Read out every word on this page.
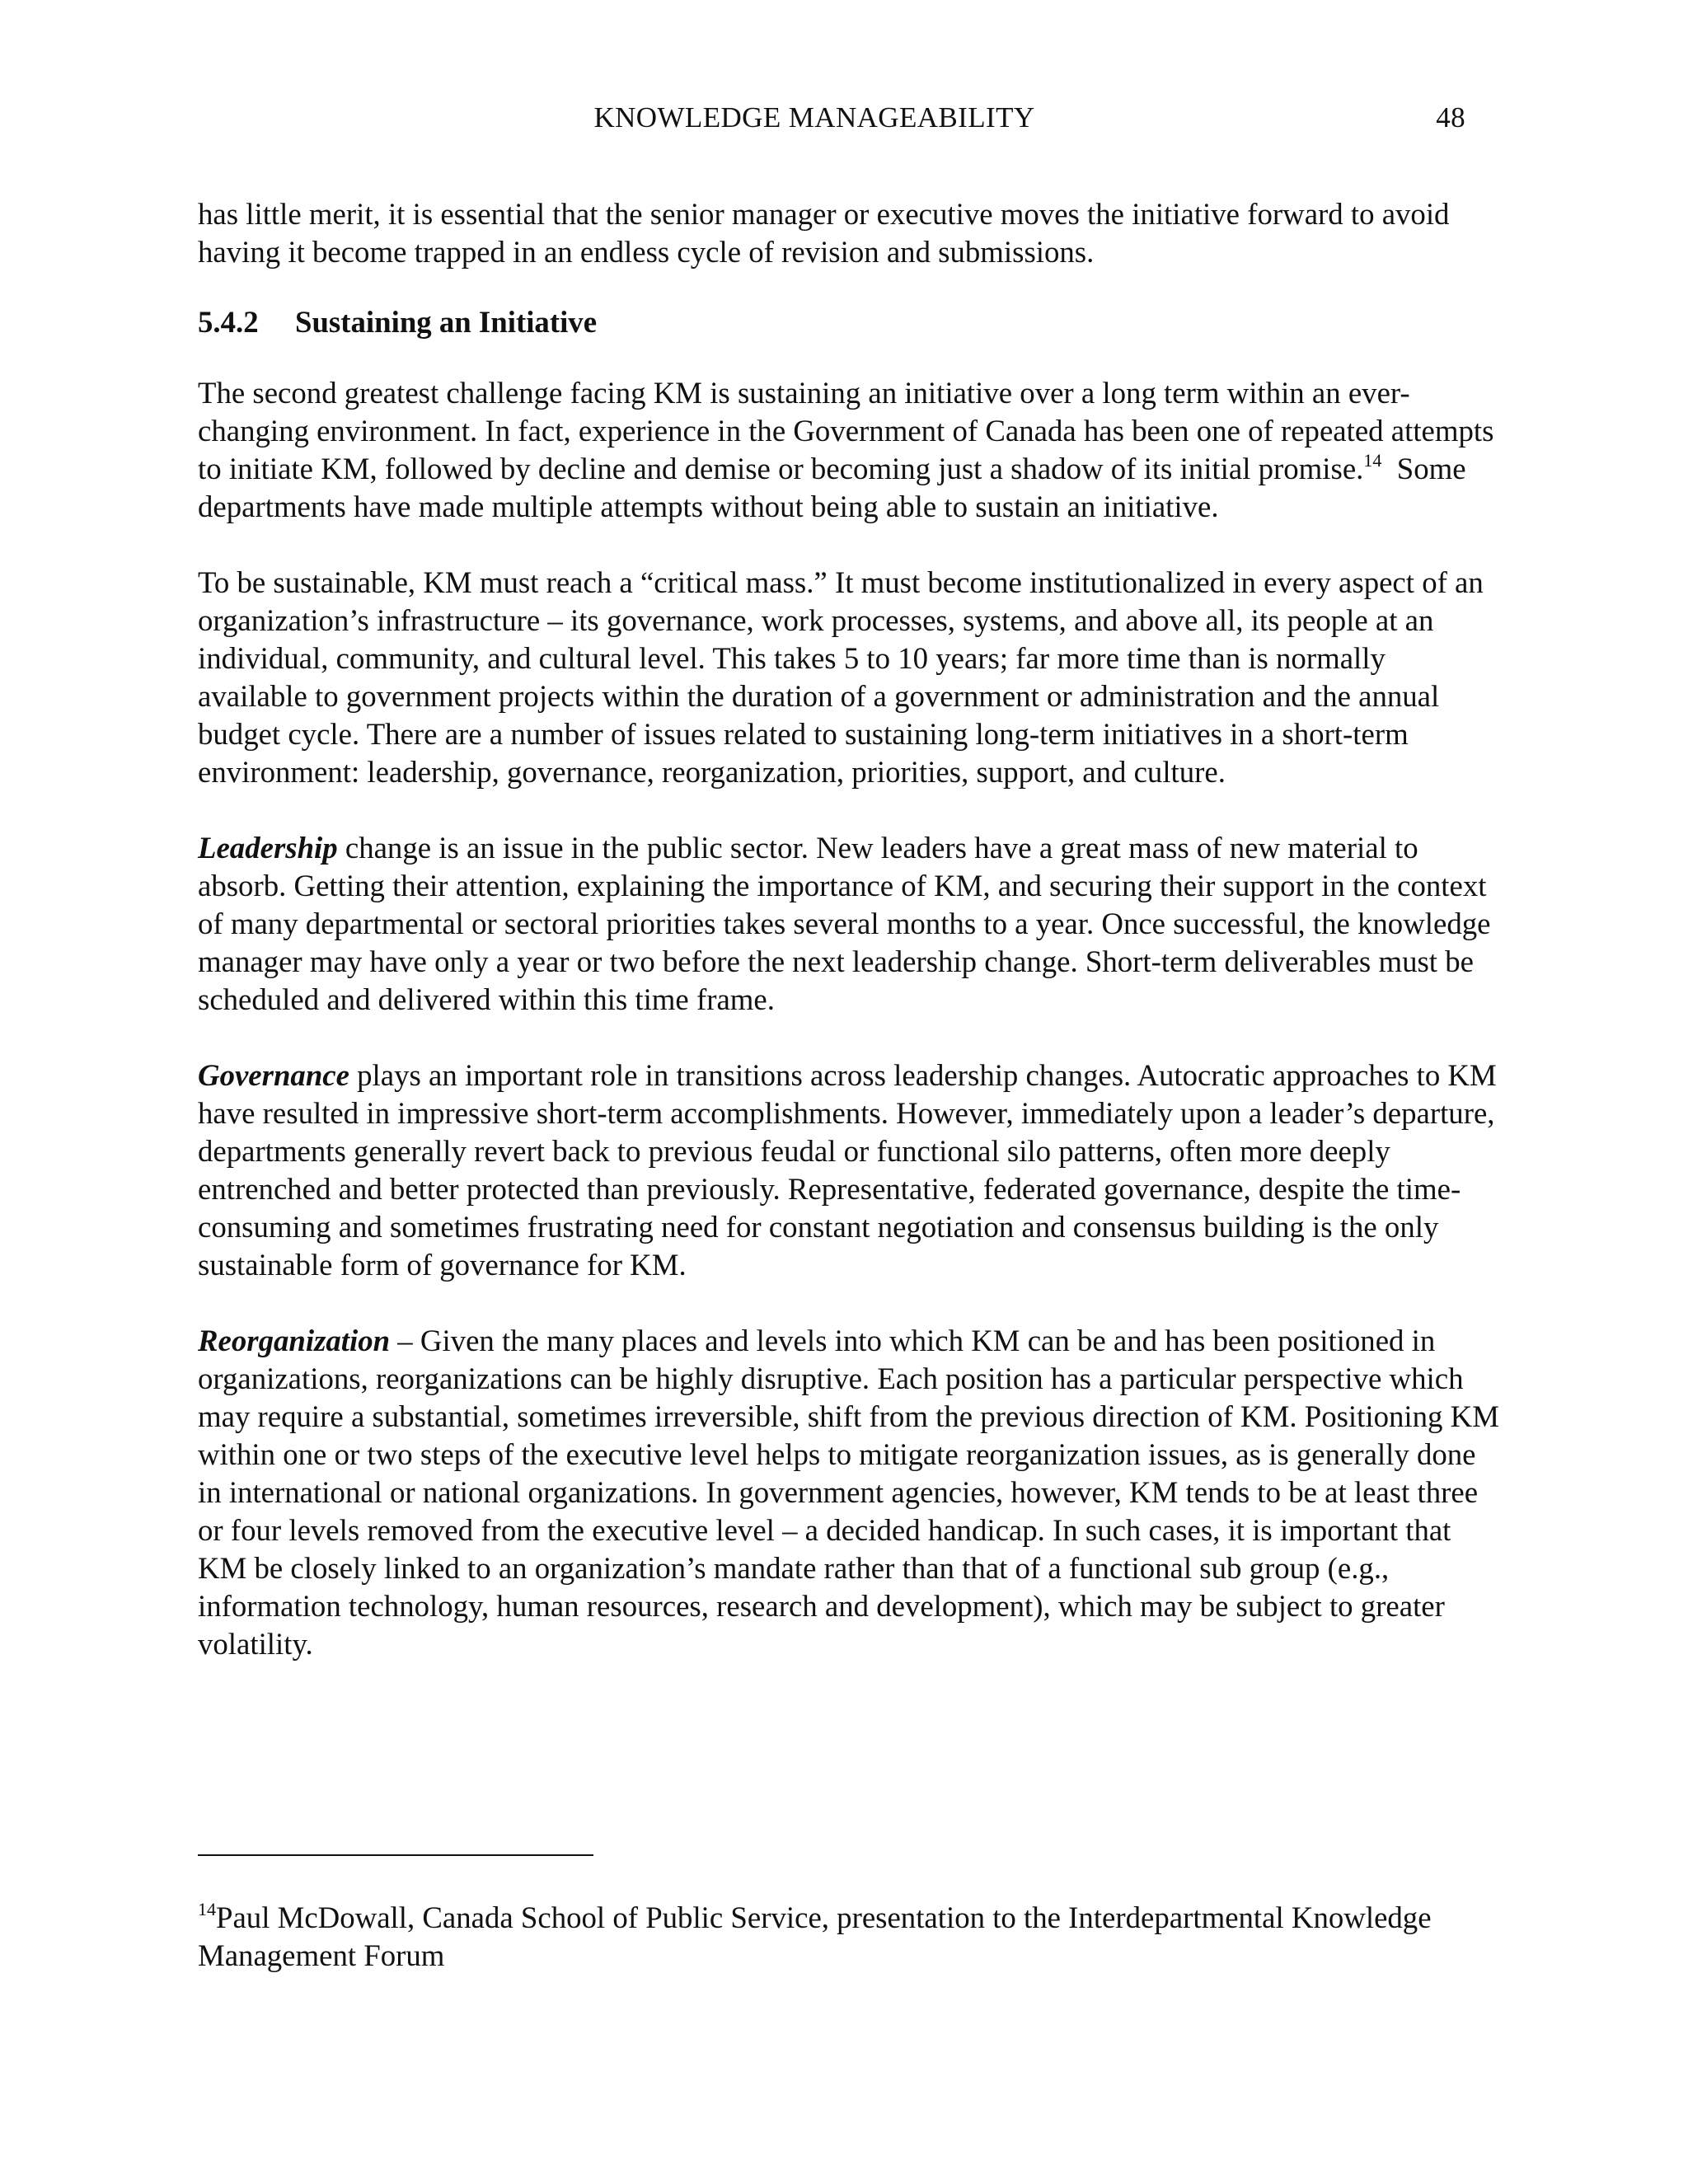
KNOWLEDGE MANAGEABILITY	48

has little merit, it is essential that the senior manager or executive moves the initiative forward to avoid having it become trapped in an endless cycle of revision and submissions.

5.4.2 Sustaining an Initiative

The second greatest challenge facing KM is sustaining an initiative over a long term within an ever-changing environment. In fact, experience in the Government of Canada has been one of repeated attempts to initiate KM, followed by decline and demise or becoming just a shadow of its initial promise.$^{14}$  Some departments have made multiple attempts without being able to sustain an initiative.

To be sustainable, KM must reach a “critical mass.” It must become institutionalized in every aspect of an organization’s infrastructure – its governance, work processes, systems, and above all, its people at an individual, community, and cultural level. This takes 5 to 10 years; far more time than is normally available to government projects within the duration of a government or administration and the annual budget cycle. There are a number of issues related to sustaining long-term initiatives in a short-term environment: leadership, governance, reorganization, priorities, support, and culture.

Leadership change is an issue in the public sector. New leaders have a great mass of new material to absorb. Getting their attention, explaining the importance of KM, and securing their support in the context of many departmental or sectoral priorities takes several months to a year. Once successful, the knowledge manager may have only a year or two before the next leadership change. Short-term deliverables must be scheduled and delivered within this time frame.

Governance plays an important role in transitions across leadership changes. Autocratic approaches to KM have resulted in impressive short-term accomplishments. However, immediately upon a leader’s departure, departments generally revert back to previous feudal or functional silo patterns, often more deeply entrenched and better protected than previously. Representative, federated governance, despite the time-consuming and sometimes frustrating need for constant negotiation and consensus building is the only sustainable form of governance for KM.

Reorganization – Given the many places and levels into which KM can be and has been positioned in organizations, reorganizations can be highly disruptive. Each position has a particular perspective which may require a substantial, sometimes irreversible, shift from the previous direction of KM. Positioning KM within one or two steps of the executive level helps to mitigate reorganization issues, as is generally done in international or national organizations. In government agencies, however, KM tends to be at least three or four levels removed from the executive level – a decided handicap. In such cases, it is important that KM be closely linked to an organization’s mandate rather than that of a functional sub group (e.g., information technology, human resources, research and development), which may be subject to greater volatility.

$^{14}$Paul McDowall, Canada School of Public Service, presentation to the Interdepartmental Knowledge Management Forum
